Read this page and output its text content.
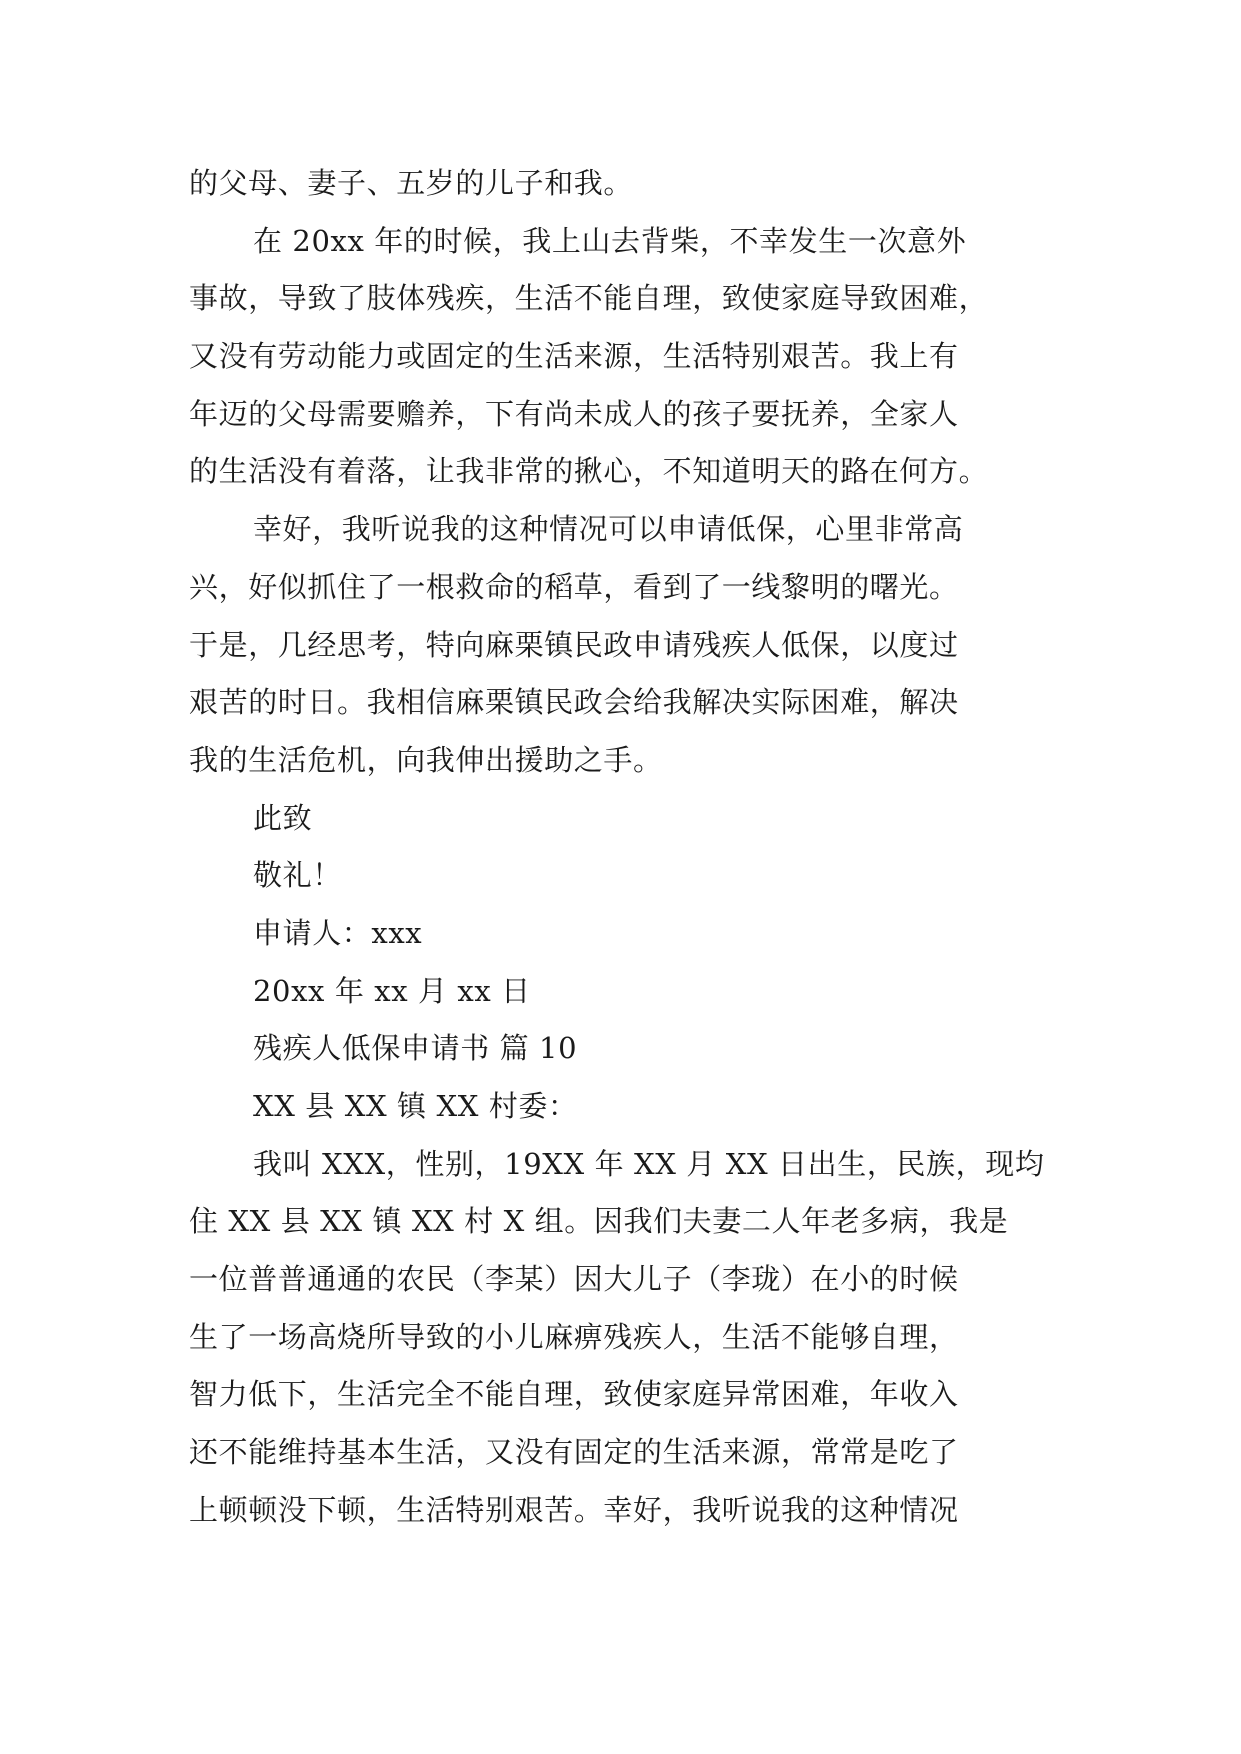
的父母、妻子、五岁的儿子和我。
在 20xx 年的时候，我上山去背柴，不幸发生一次意外
事故，导致了肢体残疾，生活不能自理，致使家庭导致困难，
又没有劳动能力或固定的生活来源，生活特别艰苦。我上有
年迈的父母需要赡养，下有尚未成人的孩子要抚养，全家人
的生活没有着落，让我非常的揪心，不知道明天的路在何方。
幸好，我听说我的这种情况可以申请低保，心里非常高
兴，好似抓住了一根救命的稻草，看到了一线黎明的曙光。
于是，几经思考，特向麻栗镇民政申请残疾人低保，以度过
艰苦的时日。我相信麻栗镇民政会给我解决实际困难，解决
我的生活危机，向我伸出援助之手。
此致
敬礼！
申请人：xxx
20xx 年 xx 月 xx 日
残疾人低保申请书 篇 10
XX 县 XX 镇 XX 村委：
我叫 XXX，性别，19XX 年 XX 月 XX 日出生，民族，现均
住 XX 县 XX 镇 XX 村 X 组。因我们夫妻二人年老多病，我是
一位普普通通的农民（李某）因大儿子（李珑）在小的时候
生了一场高烧所导致的小儿麻痹残疾人，生活不能够自理，
智力低下，生活完全不能自理，致使家庭异常困难，年收入
还不能维持基本生活，又没有固定的生活来源，常常是吃了
上顿顿没下顿，生活特别艰苦。幸好，我听说我的这种情况
